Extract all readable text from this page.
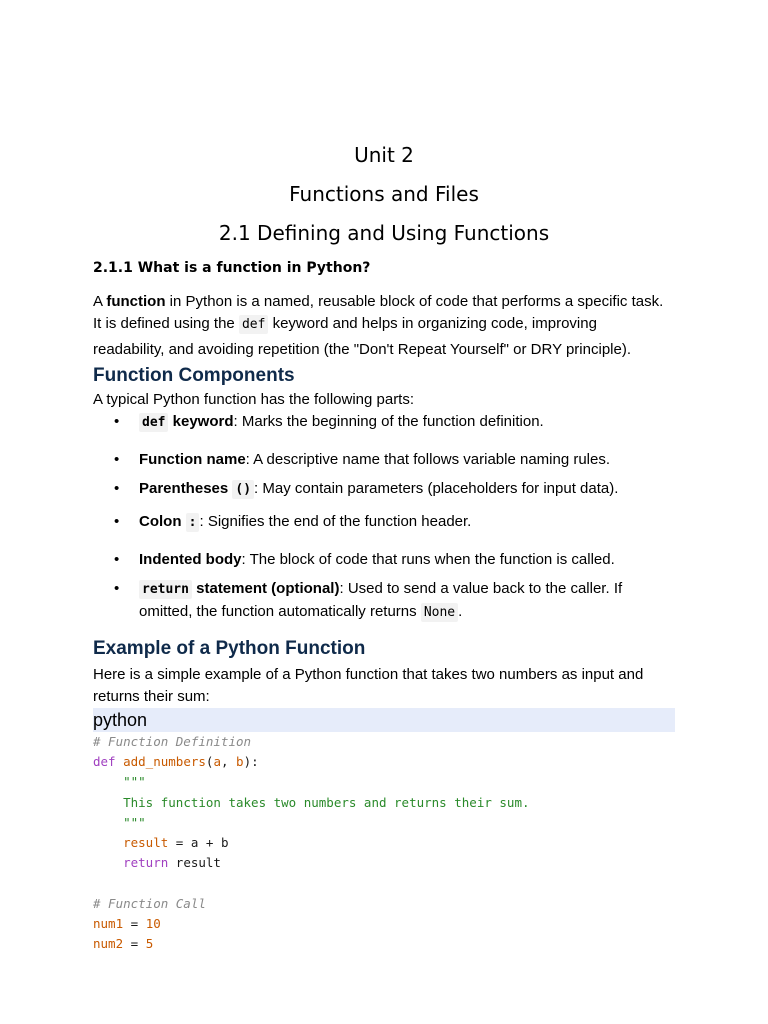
Unit 2
Functions and Files
2.1 Defining and Using Functions
2.1.1 What is a function in Python?

A function in Python is a named, reusable block of code that performs a specific task. It is defined using the def keyword and helps in organizing code, improving
readability, and avoiding repetition (the "Don't Repeat Yourself" or DRY principle).

Function Components

A typical Python function has the following parts:

• def keyword: Marks the beginning of the function definition.
• Function name: A descriptive name that follows variable naming rules.
• Parentheses () : May contain parameters (placeholders for input data).
• Colon : : Signifies the end of the function header.
• Indented body: The block of code that runs when the function is called.
• return statement (optional): Used to send a value back to the caller. If omitted, the function automatically returns None .
Example of a Python Function

Here is a simple example of a Python function that takes two numbers as input and returns their sum:

python
# Function Definition
def add_numbers(a, b):
"""
This function takes two numbers and returns their sum.
"""
result = a + b
return result

# Function Call
num1 = 10
num2 = 5
